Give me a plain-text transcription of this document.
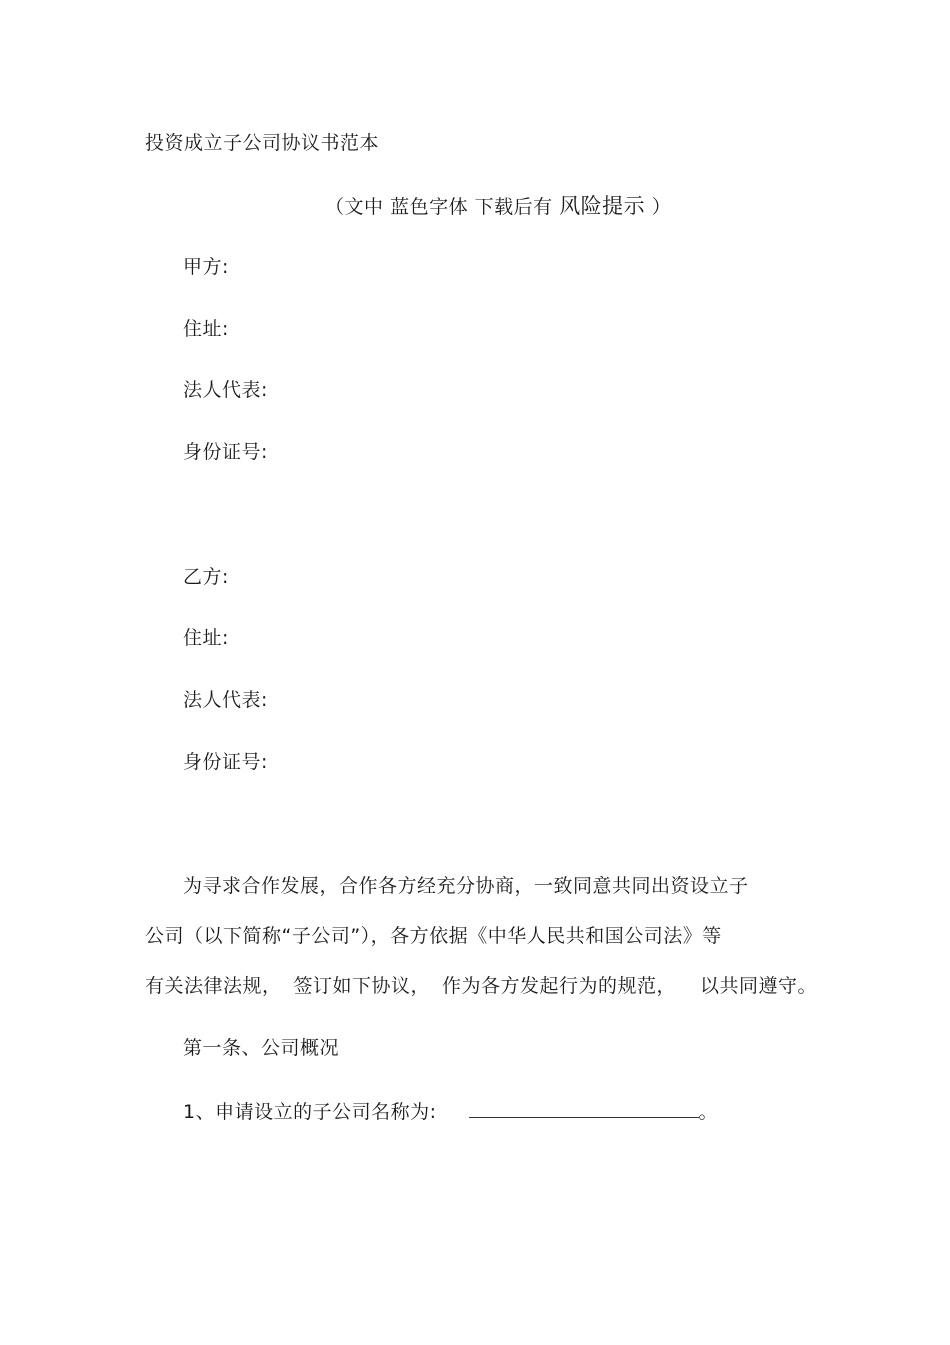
投资成立子公司协议书范本
（文中 蓝色字体 下载后有 风险提示 ）
甲方:
住址:
法人代表:
身份证号:
乙方:
住址:
法人代表:
身份证号:
为寻求合作发展，合作各方经充分协商，一致同意共同出资设立子
公司（以下简称“子公司”），各方依据《中华人民共和国公司法》等
有关法律法规， 签订如下协议， 作为各方发起行为的规范， 以共同遵守。
第一条、公司概况
1、申请设立的子公司名称为:	。
